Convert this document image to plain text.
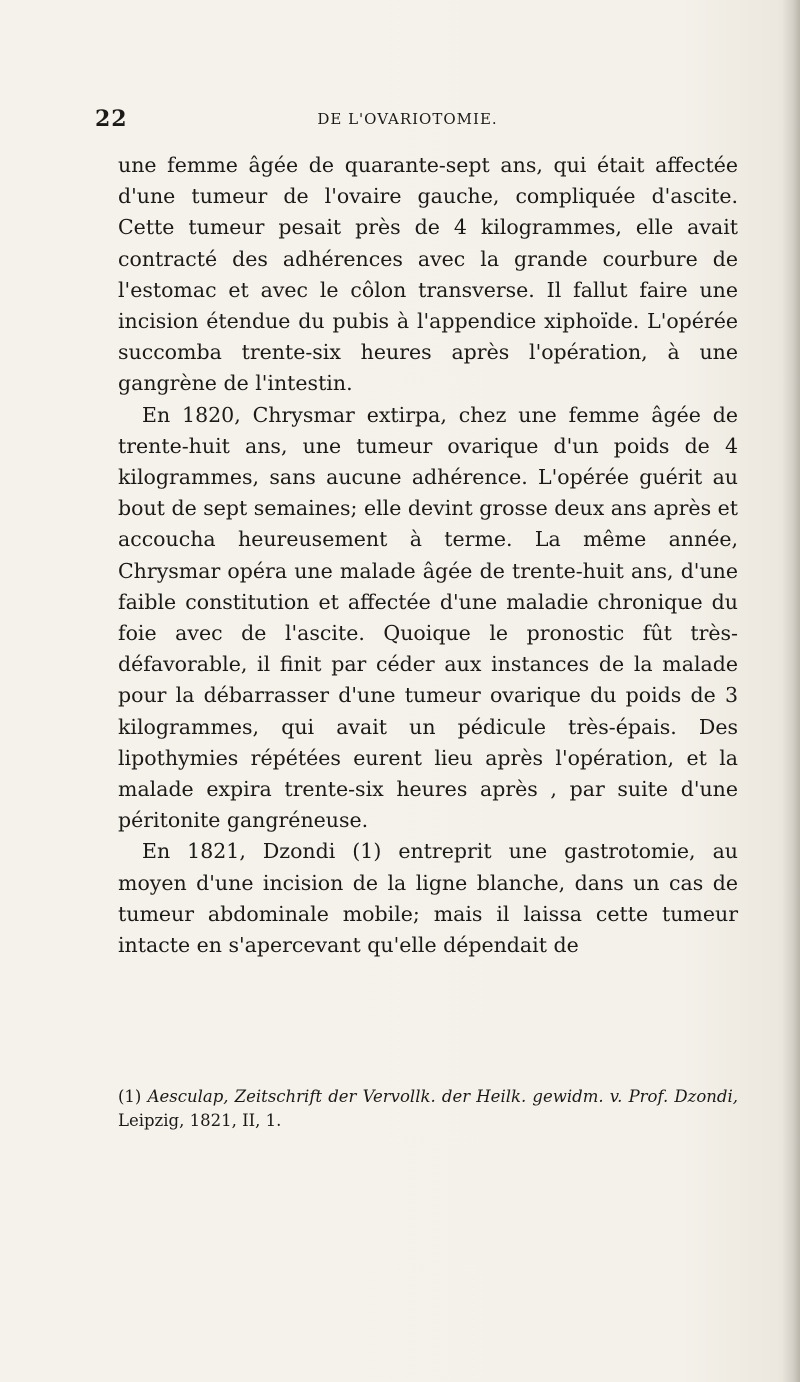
22	DE L'OVARIOTOMIE.

une femme âgée de quarante-sept ans, qui était affectée d'une tumeur de l'ovaire gauche, compliquée d'ascite. Cette tumeur pesait près de 4 kilogrammes, elle avait contracté des adhérences avec la grande courbure de l'estomac et avec le côlon transverse. Il fallut faire une incision étendue du pubis à l'appendice xiphoïde. L'opérée succomba trente-six heures après l'opération, à une gangrène de l'intestin.

En 1820, Chrysmar extirpa, chez une femme âgée de trente-huit ans, une tumeur ovarique d'un poids de 4 kilogrammes, sans aucune adhérence. L'opérée guérit au bout de sept semaines; elle devint grosse deux ans après et accoucha heureusement à terme. La même année, Chrysmar opéra une malade âgée de trente-huit ans, d'une faible constitution et affectée d'une maladie chronique du foie avec de l'ascite. Quoique le pronostic fût très-défavorable, il finit par céder aux instances de la malade pour la débarrasser d'une tumeur ovarique du poids de 3 kilogrammes, qui avait un pédicule très-épais. Des lipothymies répétées eurent lieu après l'opération, et la malade expira trente-six heures après , par suite d'une péritonite gangréneuse.

En 1821, Dzondi (1) entreprit une gastrotomie, au moyen d'une incision de la ligne blanche, dans un cas de tumeur abdominale mobile; mais il laissa cette tumeur intacte en s'apercevant qu'elle dépendait de

(1) Aesculap, Zeitschrift der Vervollk. der Heilk. gewidm. v. Prof. Dzondi, Leipzig, 1821, II, 1.
